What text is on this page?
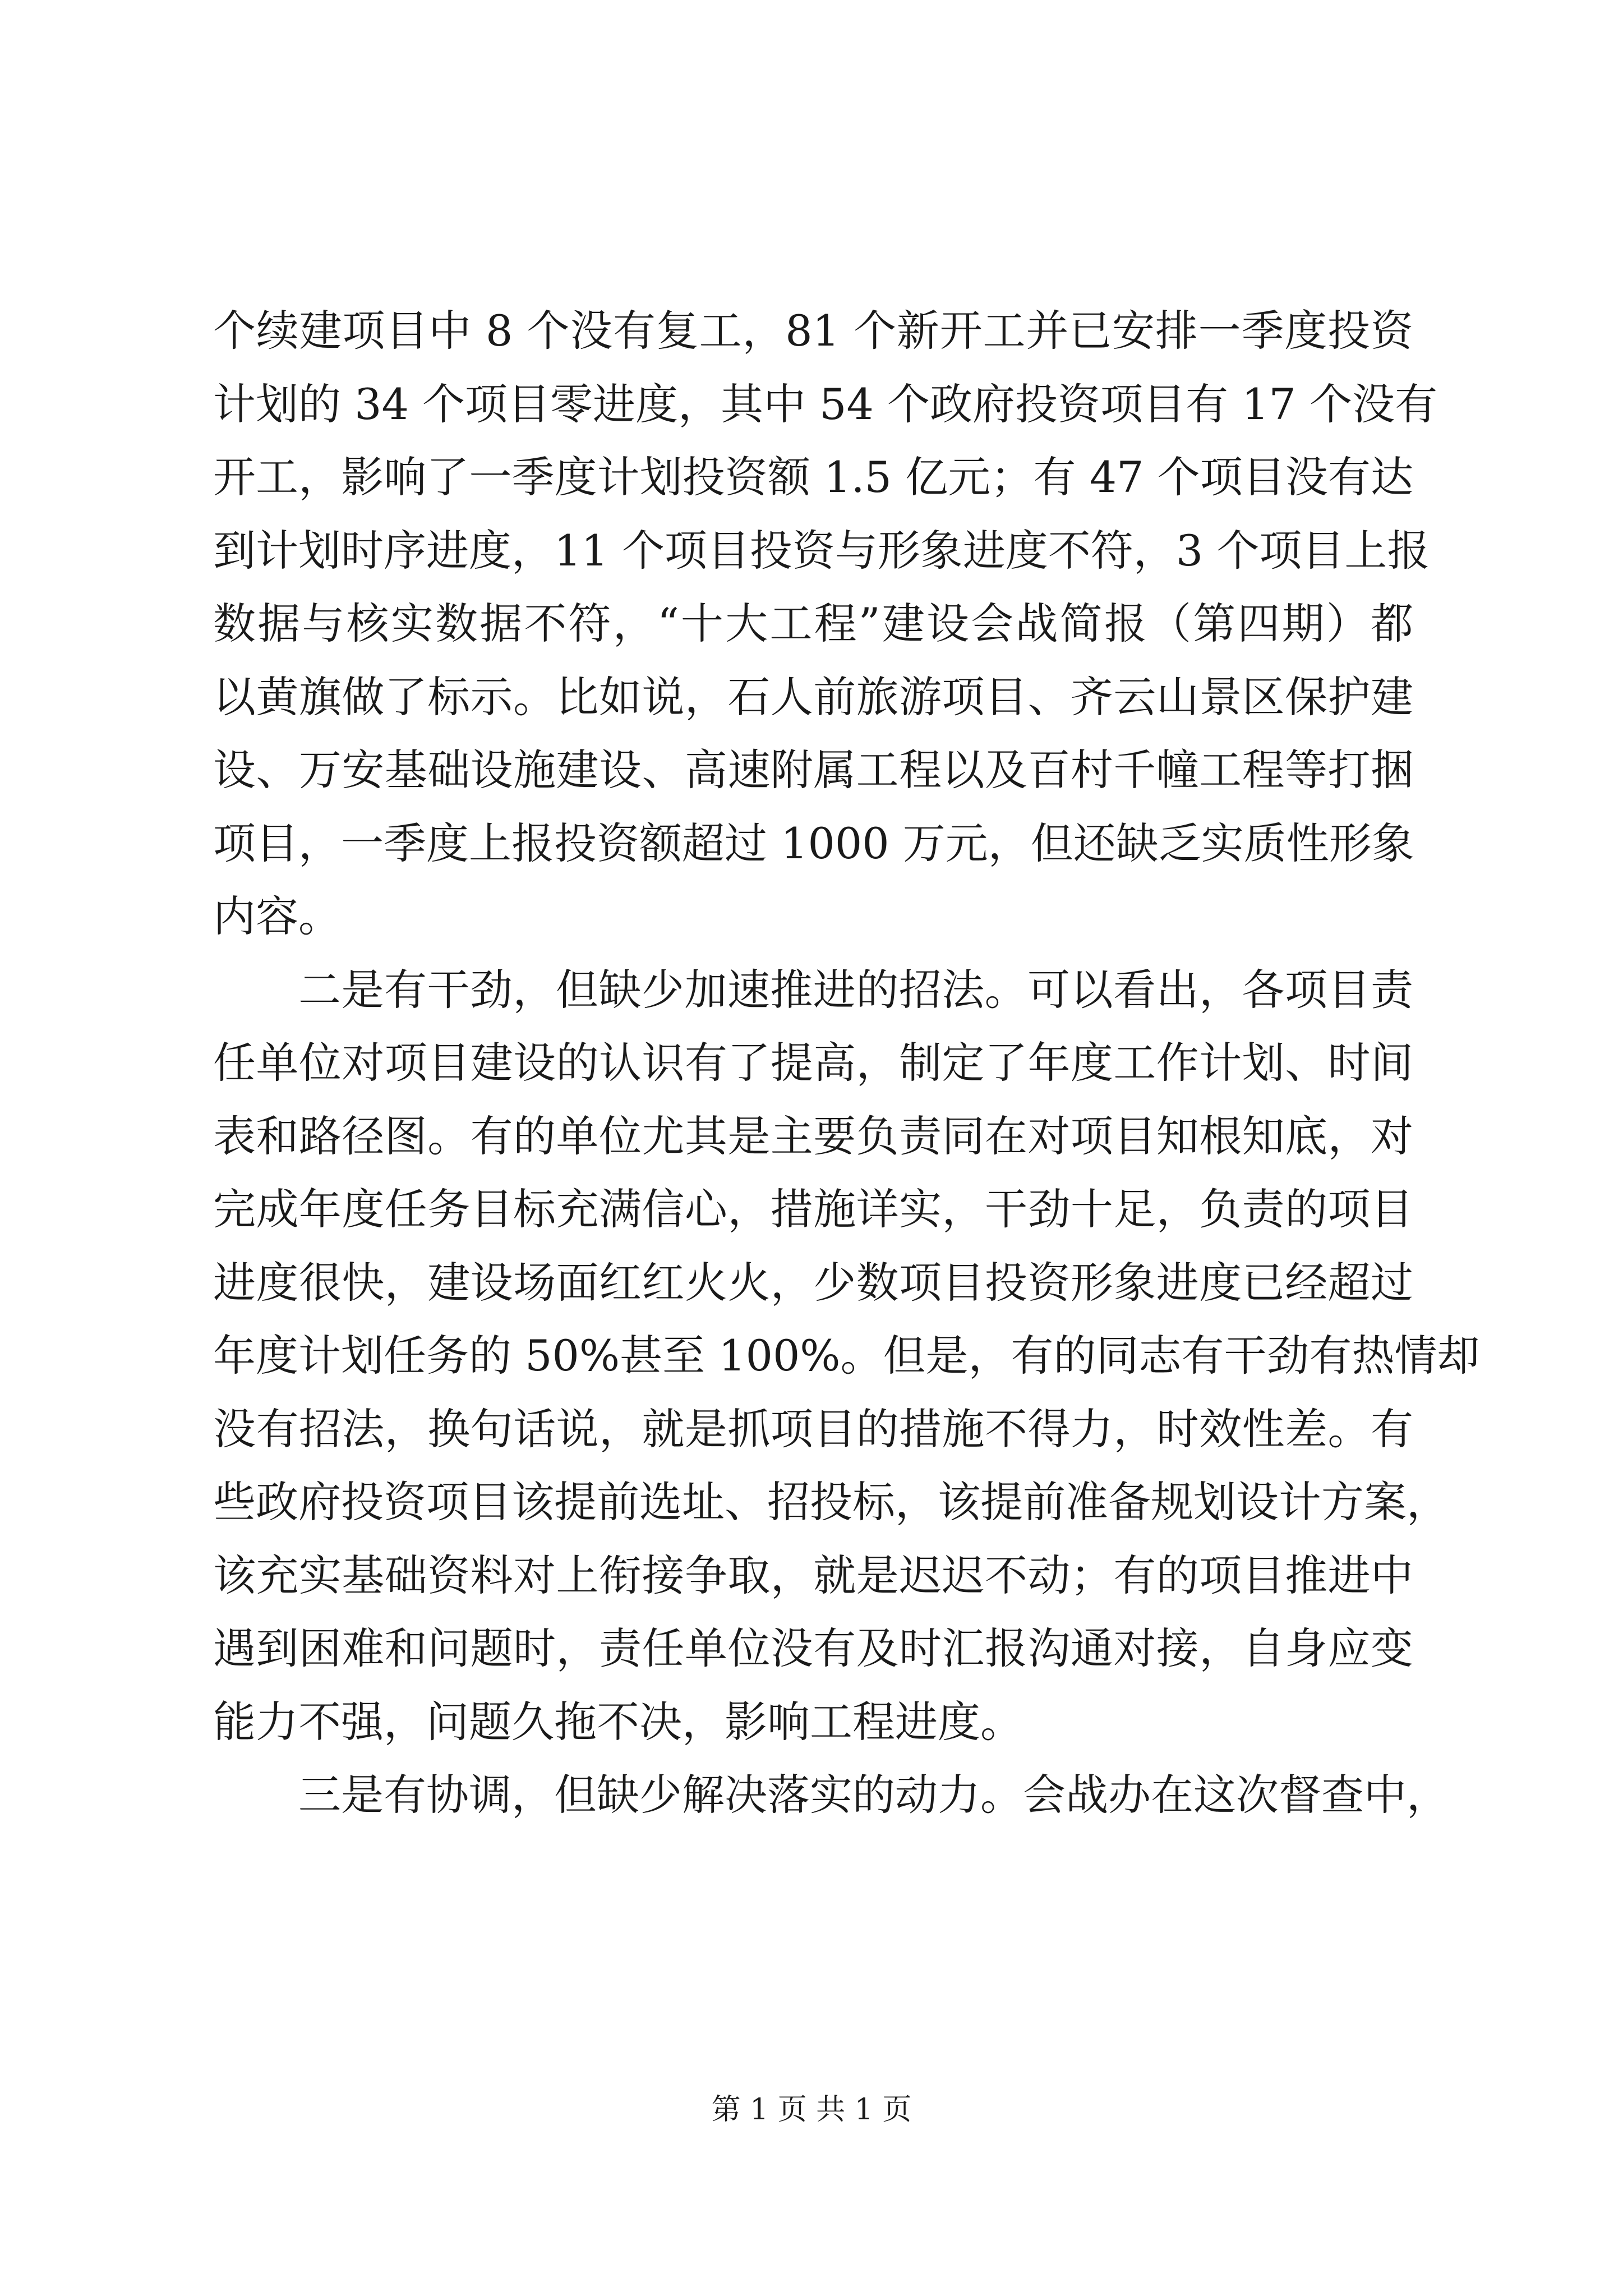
个续建项目中 8 个没有复工，81 个新开工并已安排一季度投资
计划的 34 个项目零进度，其中 54 个政府投资项目有 17 个没有
开工，影响了一季度计划投资额 1.5 亿元；有 47 个项目没有达
到计划时序进度，11 个项目投资与形象进度不符，3 个项目上报
数据与核实数据不符，“十大工程”建设会战简报（第四期）都
以黄旗做了标示。比如说，石人前旅游项目、齐云山景区保护建
设、万安基础设施建设、高速附属工程以及百村千幢工程等打捆
项目，一季度上报投资额超过 1000 万元，但还缺乏实质性形象
内容。
二是有干劲，但缺少加速推进的招法。可以看出，各项目责
任单位对项目建设的认识有了提高，制定了年度工作计划、时间
表和路径图。有的单位尤其是主要负责同在对项目知根知底，对
完成年度任务目标充满信心，措施详实，干劲十足，负责的项目
进度很快，建设场面红红火火，少数项目投资形象进度已经超过
年度计划任务的 50%甚至 100%。但是，有的同志有干劲有热情却
没有招法，换句话说，就是抓项目的措施不得力，时效性差。有
些政府投资项目该提前选址、招投标，该提前准备规划设计方案，
该充实基础资料对上衔接争取，就是迟迟不动；有的项目推进中
遇到困难和问题时，责任单位没有及时汇报沟通对接，自身应变
能力不强，问题久拖不决，影响工程进度。
三是有协调，但缺少解决落实的动力。会战办在这次督查中，
第 1 页 共 1 页
